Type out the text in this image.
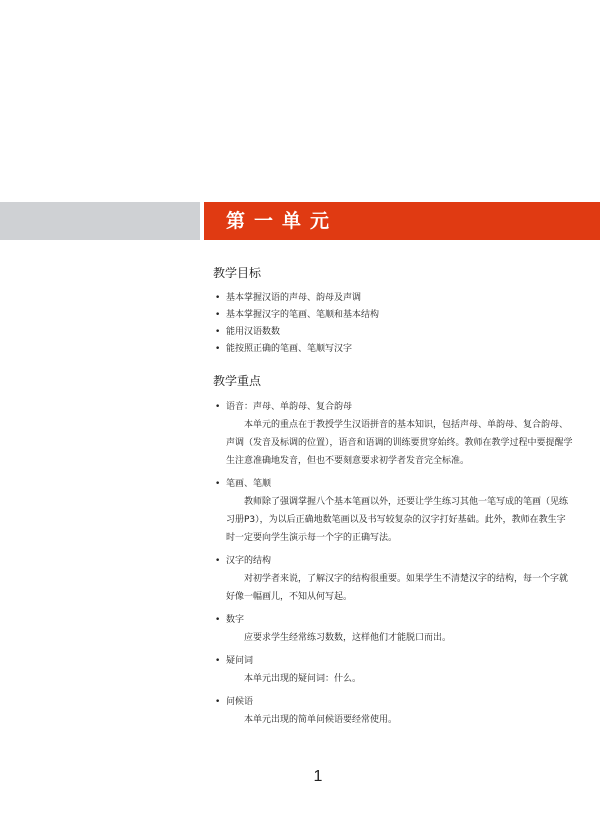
第一单元
教学目标
• 基本掌握汉语的声母、韵母及声调
• 基本掌握汉字的笔画、笔顺和基本结构
• 能用汉语数数
• 能按照正确的笔画、笔顺写汉字
教学重点
• 语音：声母、单韵母、复合韵母
本单元的重点在于教授学生汉语拼音的基本知识，包括声母、单韵母、复合韵母、声调（发音及标调的位置），语音和语调的训练要贯穿始终。教师在教学过程中要提醒学生注意准确地发音，但也不要刻意要求初学者发音完全标准。
• 笔画、笔顺
教师除了强调掌握八个基本笔画以外，还要让学生练习其他一笔写成的笔画（见练习册P3），为以后正确地数笔画以及书写较复杂的汉字打好基础。此外，教师在教生字时一定要向学生演示每一个字的正确写法。
• 汉字的结构
对初学者来说，了解汉字的结构很重要。如果学生不清楚汉字的结构，每一个字就好像一幅画儿，不知从何写起。
• 数字
应要求学生经常练习数数，这样他们才能脱口而出。
• 疑问词
本单元出现的疑问词：什么。
• 问候语
本单元出现的简单问候语要经常使用。
1
